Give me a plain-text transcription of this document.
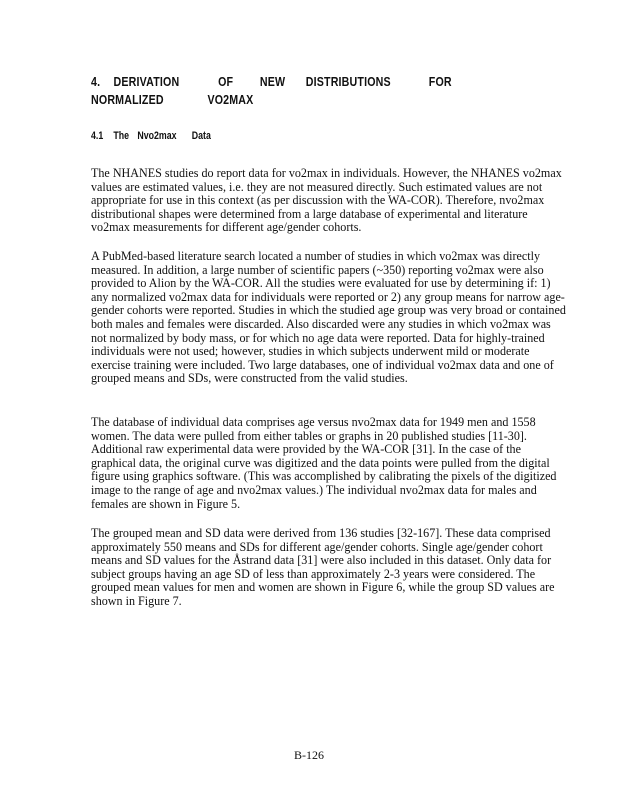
4.	DERIVATION	OF	NEW	DISTRIBUTIONS	FOR
NORMALIZED	VO2MAX
4.1 The Nvo2max Data

The NHANES studies do report data for vo2max in individuals. However, the NHANES vo2max values are estimated values, i.e. they are not measured directly. Such estimated values are not appropriate for use in this context (as per discussion with the WA-COR). Therefore, nvo2max distributional shapes were determined from a large database of experimental and literature vo2max measurements for different age/gender cohorts.

A PubMed-based literature search located a number of studies in which vo2max was directly measured. In addition, a large number of scientific papers (~350) reporting vo2max were also provided to Alion by the WA-COR. All the studies were evaluated for use by determining if: 1) any normalized vo2max data for individuals were reported or 2) any group means for narrow age-gender cohorts were reported. Studies in which the studied age group was very broad or contained both males and females were discarded. Also discarded were any studies in which vo2max was not normalized by body mass, or for which no age data were reported. Data for highly-trained individuals were not used; however, studies in which subjects underwent mild or moderate exercise training were included. Two large databases, one of individual vo2max data and one of grouped means and SDs, were constructed from the valid studies.

The database of individual data comprises age versus nvo2max data for 1949 men and 1558 women. The data were pulled from either tables or graphs in 20 published studies [11-30]. Additional raw experimental data were provided by the WA-COR [31]. In the case of the graphical data, the original curve was digitized and the data points were pulled from the digital figure using graphics software. (This was accomplished by calibrating the pixels of the digitized image to the range of age and nvo2max values.) The individual nvo2max data for males and females are shown in Figure 5.

The grouped mean and SD data were derived from 136 studies [32-167]. These data comprised approximately 550 means and SDs for different age/gender cohorts. Single age/gender cohort means and SD values for the Åstrand data [31] were also included in this dataset. Only data for subject groups having an age SD of less than approximately 2-3 years were considered. The grouped mean values for men and women are shown in Figure 6, while the group SD values are shown in Figure 7.

B-126
